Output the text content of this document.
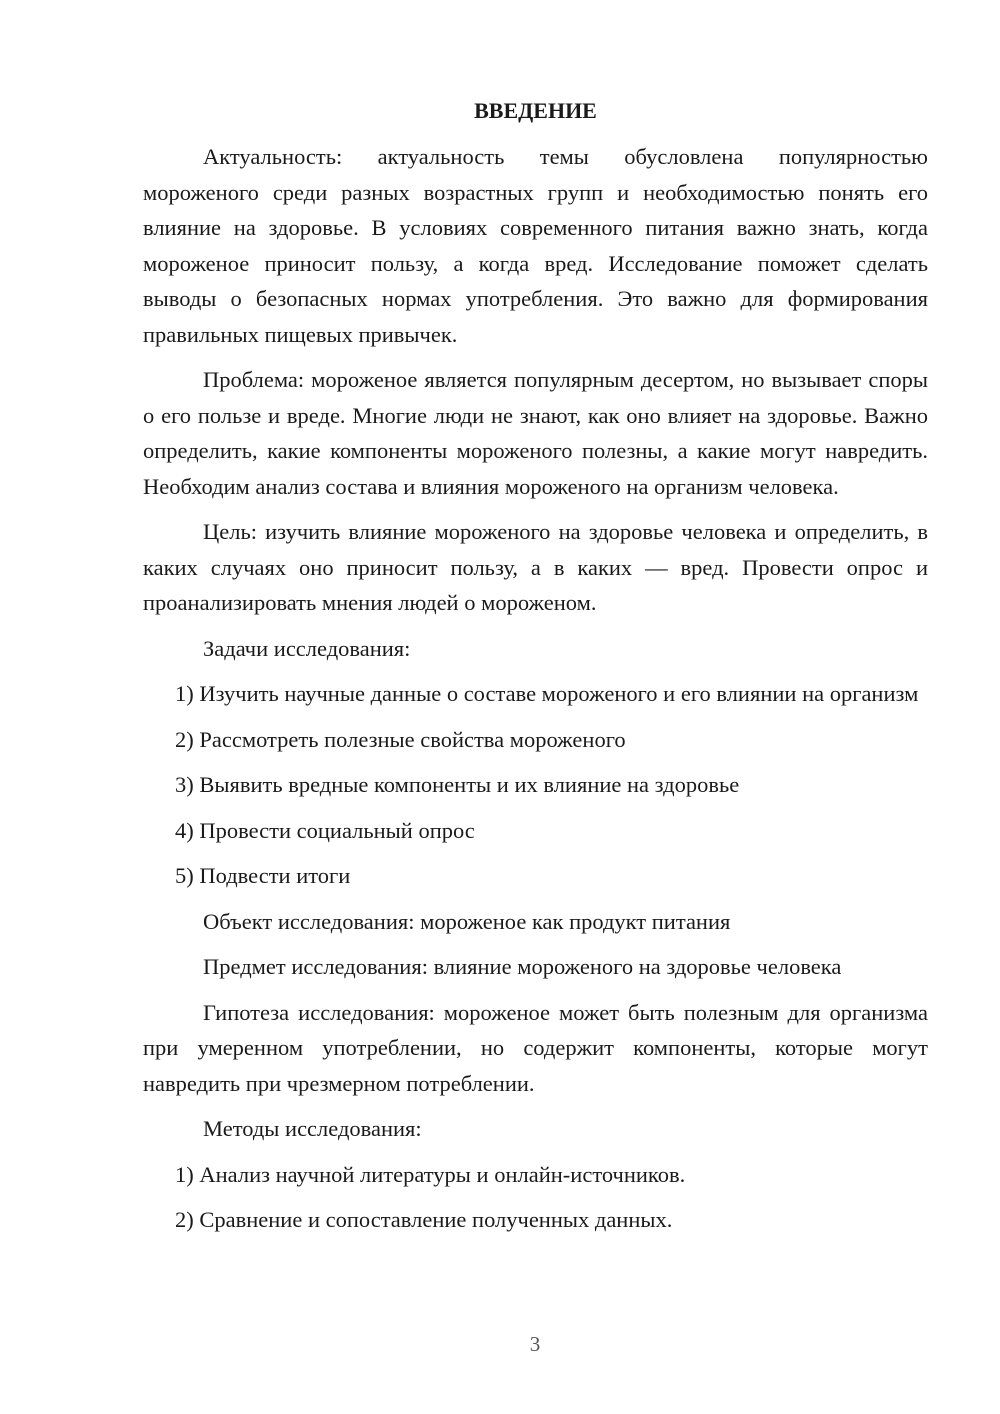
ВВЕДЕНИЕ

Актуальность: актуальность темы обусловлена популярностью мороженого среди разных возрастных групп и необходимостью понять его влияние на здоровье. В условиях современного питания важно знать, когда мороженое приносит пользу, а когда вред. Исследование поможет сделать выводы о безопасных нормах употребления. Это важно для формирования правильных пищевых привычек.

Проблема: мороженое является популярным десертом, но вызывает споры о его пользе и вреде. Многие люди не знают, как оно влияет на здоровье. Важно определить, какие компоненты мороженого полезны, а какие могут навредить. Необходим анализ состава и влияния мороженого на организм человека.

Цель: изучить влияние мороженого на здоровье человека и определить, в каких случаях оно приносит пользу, а в каких — вред. Провести опрос и проанализировать мнения людей о мороженом.

Задачи исследования:

1) Изучить научные данные о составе мороженого и его влиянии на организм

2) Рассмотреть полезные свойства мороженого

3) Выявить вредные компоненты и их влияние на здоровье

4) Провести социальный опрос

5) Подвести итоги

Объект исследования: мороженое как продукт питания

Предмет исследования: влияние мороженого на здоровье человека

Гипотеза исследования: мороженое может быть полезным для организма при умеренном употреблении, но содержит компоненты, которые могут навредить при чрезмерном потреблении.

Методы исследования:

1) Анализ научной литературы и онлайн-источников.

2) Сравнение и сопоставление полученных данных.

3
